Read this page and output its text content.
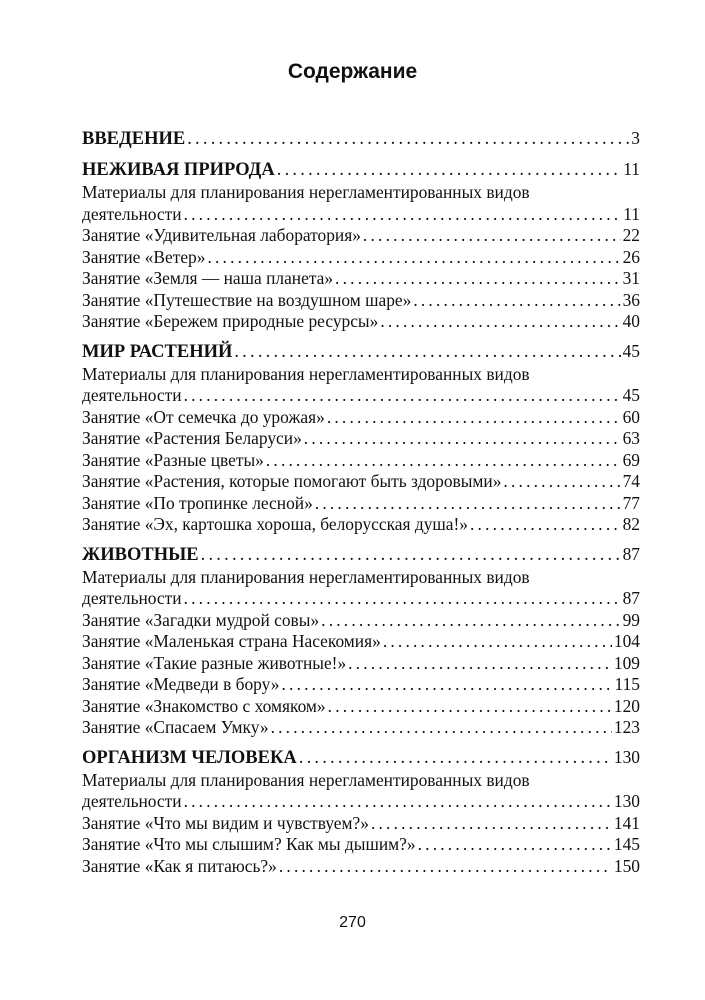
Содержание
ВВЕДЕНИЕ .....	3
НЕЖИВАЯ ПРИРОДА .....	11
Материалы для планирования нерегламентированных видов
деятельности .....	11
Занятие «Удивительная лаборатория» .....	22
Занятие «Ветер» .....	26
Занятие «Земля — наша планета» .....	31
Занятие «Путешествие на воздушном шаре» .....	36
Занятие «Бережем природные ресурсы» .....	40
МИР РАСТЕНИЙ .....	45
Материалы для планирования нерегламентированных видов
деятельности .....	45
Занятие «От семечка до урожая» .....	60
Занятие «Растения Беларуси» .....	63
Занятие «Разные цветы» .....	69
Занятие «Растения, которые помогают быть здоровыми» .....	74
Занятие «По тропинке лесной» .....	77
Занятие «Эх, картошка хороша, белорусская душа!» .....	82
ЖИВОТНЫЕ .....	87
Материалы для планирования нерегламентированных видов
деятельности .....	87
Занятие «Загадки мудрой совы» .....	99
Занятие «Маленькая страна Насекомия» .....	104
Занятие «Такие разные животные!» .....	109
Занятие «Медведи в бору» .....	115
Занятие «Знакомство с хомяком» .....	120
Занятие «Спасаем Умку» .....	123
ОРГАНИЗМ ЧЕЛОВЕКА .....	130
Материалы для планирования нерегламентированных видов
деятельности .....	130
Занятие «Что мы видим и чувствуем?» .....	141
Занятие «Что мы слышим? Как мы дышим?» .....	145
Занятие «Как я питаюсь?» .....	150
270
